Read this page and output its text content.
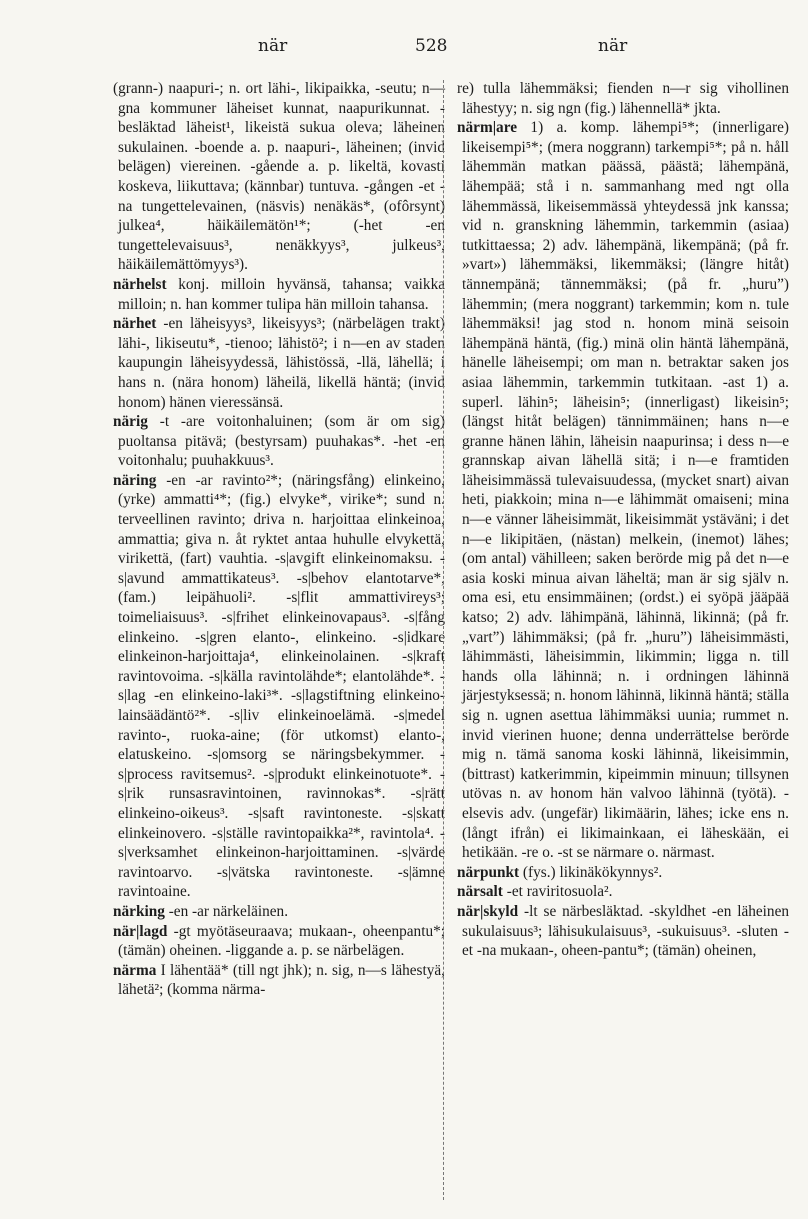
när	528	när

(grann-) naapuri-; n. ort lähi-, likipaikka, -seutu; n—gna kommuner läheiset kunnat, naapurikunnat. -besläktad läheist¹, likeistä sukua oleva; läheinen sukulainen. -boende a. p. naapuri-, läheinen; (invid belägen) viereinen. -gående a. p. likeltä, kovasti koskeva, liikuttava; (kännbar) tuntuva. -gången -et -na tungettelevainen, (näsvis) nenäkäs*, (ofôrsynt) julkea⁴, häikäilemätön¹*; (-het -en tungettelevaisuus³, nenäkkyys³, julkeus³, häikäilemättömyys³).

närhelst konj. milloin hyvänsä, tahansa; vaikka milloin; n. han kommer tulipa hän milloin tahansa.

närhet -en läheisyys³, likeisyys³; (närbelägen trakt) lähi-, likiseutu*, -tienoo; lähistö²; i n—en av staden kaupungin läheisyydessä, lähistössä, -llä, lähellä; i hans n. (nära honom) läheilä, likellä häntä; (invid honom) hänen vieressänsä.

närig -t -are voitonhaluinen; (som är om sig) puoltansa pitävä; (bestyrsam) puuhakas*. -het -en voitonhalu; puuhakkuus³.

näring -en -ar ravinto²*; (näringsfång) elinkeino, (yrke) ammatti⁴*; (fig.) elvyke*, virike*; sund n. terveellinen ravinto; driva n. harjoittaa elinkeinoa, ammattia; giva n. åt ryktet antaa huhulle elvykettä, virikettä, (fart) vauhtia. -s|avgift elinkeinomaksu. -s|avund ammattikateus³. -s|behov elantotarve*, (fam.) leipähuoli². -s|flit ammattivireys³; toimeliaisuus³. -s|frihet elinkeinovapaus³. -s|fång elinkeino. -s|gren elanto-, elinkeino. -s|idkare elinkeinon-harjoittaja⁴, elinkeinolainen. -s|kraft ravintovoima. -s|källa ravintolähde*; elantolähde*. -s|lag -en elinkeino-laki³*. -s|lagstiftning elinkeino-lainsäädäntö²*. -s|liv elinkeinoelämä. -s|medel ravinto-, ruoka-aine; (för utkomst) elanto-, elatuskeino. -s|omsorg se näringsbekymmer. -s|process ravitsemus². -s|produkt elinkeinotuote*. -s|rik runsasravintoinen, ravinnokas*. -s|rätt elinkeino-oikeus³. -s|saft ravintoneste. -s|skatt elinkeinovero. -s|ställe ravintopaikka²*, ravintola⁴. -s|verksamhet elinkeinon-harjoittaminen. -s|värde ravintoarvo. -s|vätska ravintoneste. -s|ämne ravintoaine.

närking -en -ar närkeläinen.

när|lagd -gt myötäseuraava; mukaan-, oheenpantu*; (tämän) oheinen. -liggande a. p. se närbelägen.

närma I lähentää* (till ngt jhk); n. sig, n—s lähestyä, lähetä²; (komma närma-

re) tulla lähemmäksi; fienden n—r sig vihollinen lähestyy; n. sig ngn (fig.) lähennellä* jkta.

närm|are 1) a. komp. lähempi⁵*; (innerligare) likeisempi⁵*; (mera noggrann) tarkempi⁵*; på n. håll lähemmän matkan päässä, päästä; lähempänä, lähempää; stå i n. sammanhang med ngt olla lähemmässä, likeisemmässä yhteydessä jnk kanssa; vid n. granskning lähemmin, tarkemmin (asiaa) tutkittaessa; 2) adv. lähempänä, likempänä; (på fr. »vart») lähemmäksi, likemmäksi; (längre hitåt) tännempänä; tännemmäksi; (på fr. „huru”) lähemmin; (mera noggrant) tarkemmin; kom n. tule lähemmäksi! jag stod n. honom minä seisoin lähempänä häntä, (fig.) minä olin häntä lähempänä, hänelle läheisempi; om man n. betraktar saken jos asiaa lähemmin, tarkemmin tutkitaan. -ast 1) a. superl. lähin⁵; läheisin⁵; (innerligast) likeisin⁵; (längst hitåt belägen) tännimmäinen; hans n—e granne hänen lähin, läheisin naapurinsa; i dess n—e grannskap aivan lähellä sitä; i n—e framtiden läheisimmässä tulevaisuudessa, (mycket snart) aivan heti, piakkoin; mina n—e lähimmät omaiseni; mina n—e vänner läheisimmät, likeisimmät ystäväni; i det n—e likipitäen, (nästan) melkein, (inemot) lähes; (om antal) vähilleen; saken berörde mig på det n—e asia koski minua aivan läheltä; man är sig själv n. oma esi, etu ensimmäinen; (ordst.) ei syöpä jääpää katso; 2) adv. lähimpänä, lähinnä, likinnä; (på fr. „vart”) lähimmäksi; (på fr. „huru”) läheisimmästi, lähimmästi, läheisimmin, likimmin; ligga n. till hands olla lähinnä; n. i ordningen lähinnä järjestyksessä; n. honom lähinnä, likinnä häntä; ställa sig n. ugnen asettua lähimmäksi uunia; rummet n. invid vierinen huone; denna underrättelse berörde mig n. tämä sanoma koski lähinnä, likeisimmin, (bittrast) katkerimmin, kipeimmin minuun; tillsynen utövas n. av honom hän valvoo lähinnä (työtä). -elsevis adv. (ungefär) likimäärin, lähes; icke ens n. (långt ifrån) ei likimainkaan, ei läheskään, ei hetikään. -re o. -st se närmare o. närmast.

närpunkt (fys.) likinäkökynnys².

närsalt -et raviritosuola².

när|skyld -lt se närbesläktad. -skyldhet -en läheinen sukulaisuus³; lähisukulaisuus³, -sukuisuus³. -sluten -et -na mukaan-, oheen-pantu*; (tämän) oheinen,
